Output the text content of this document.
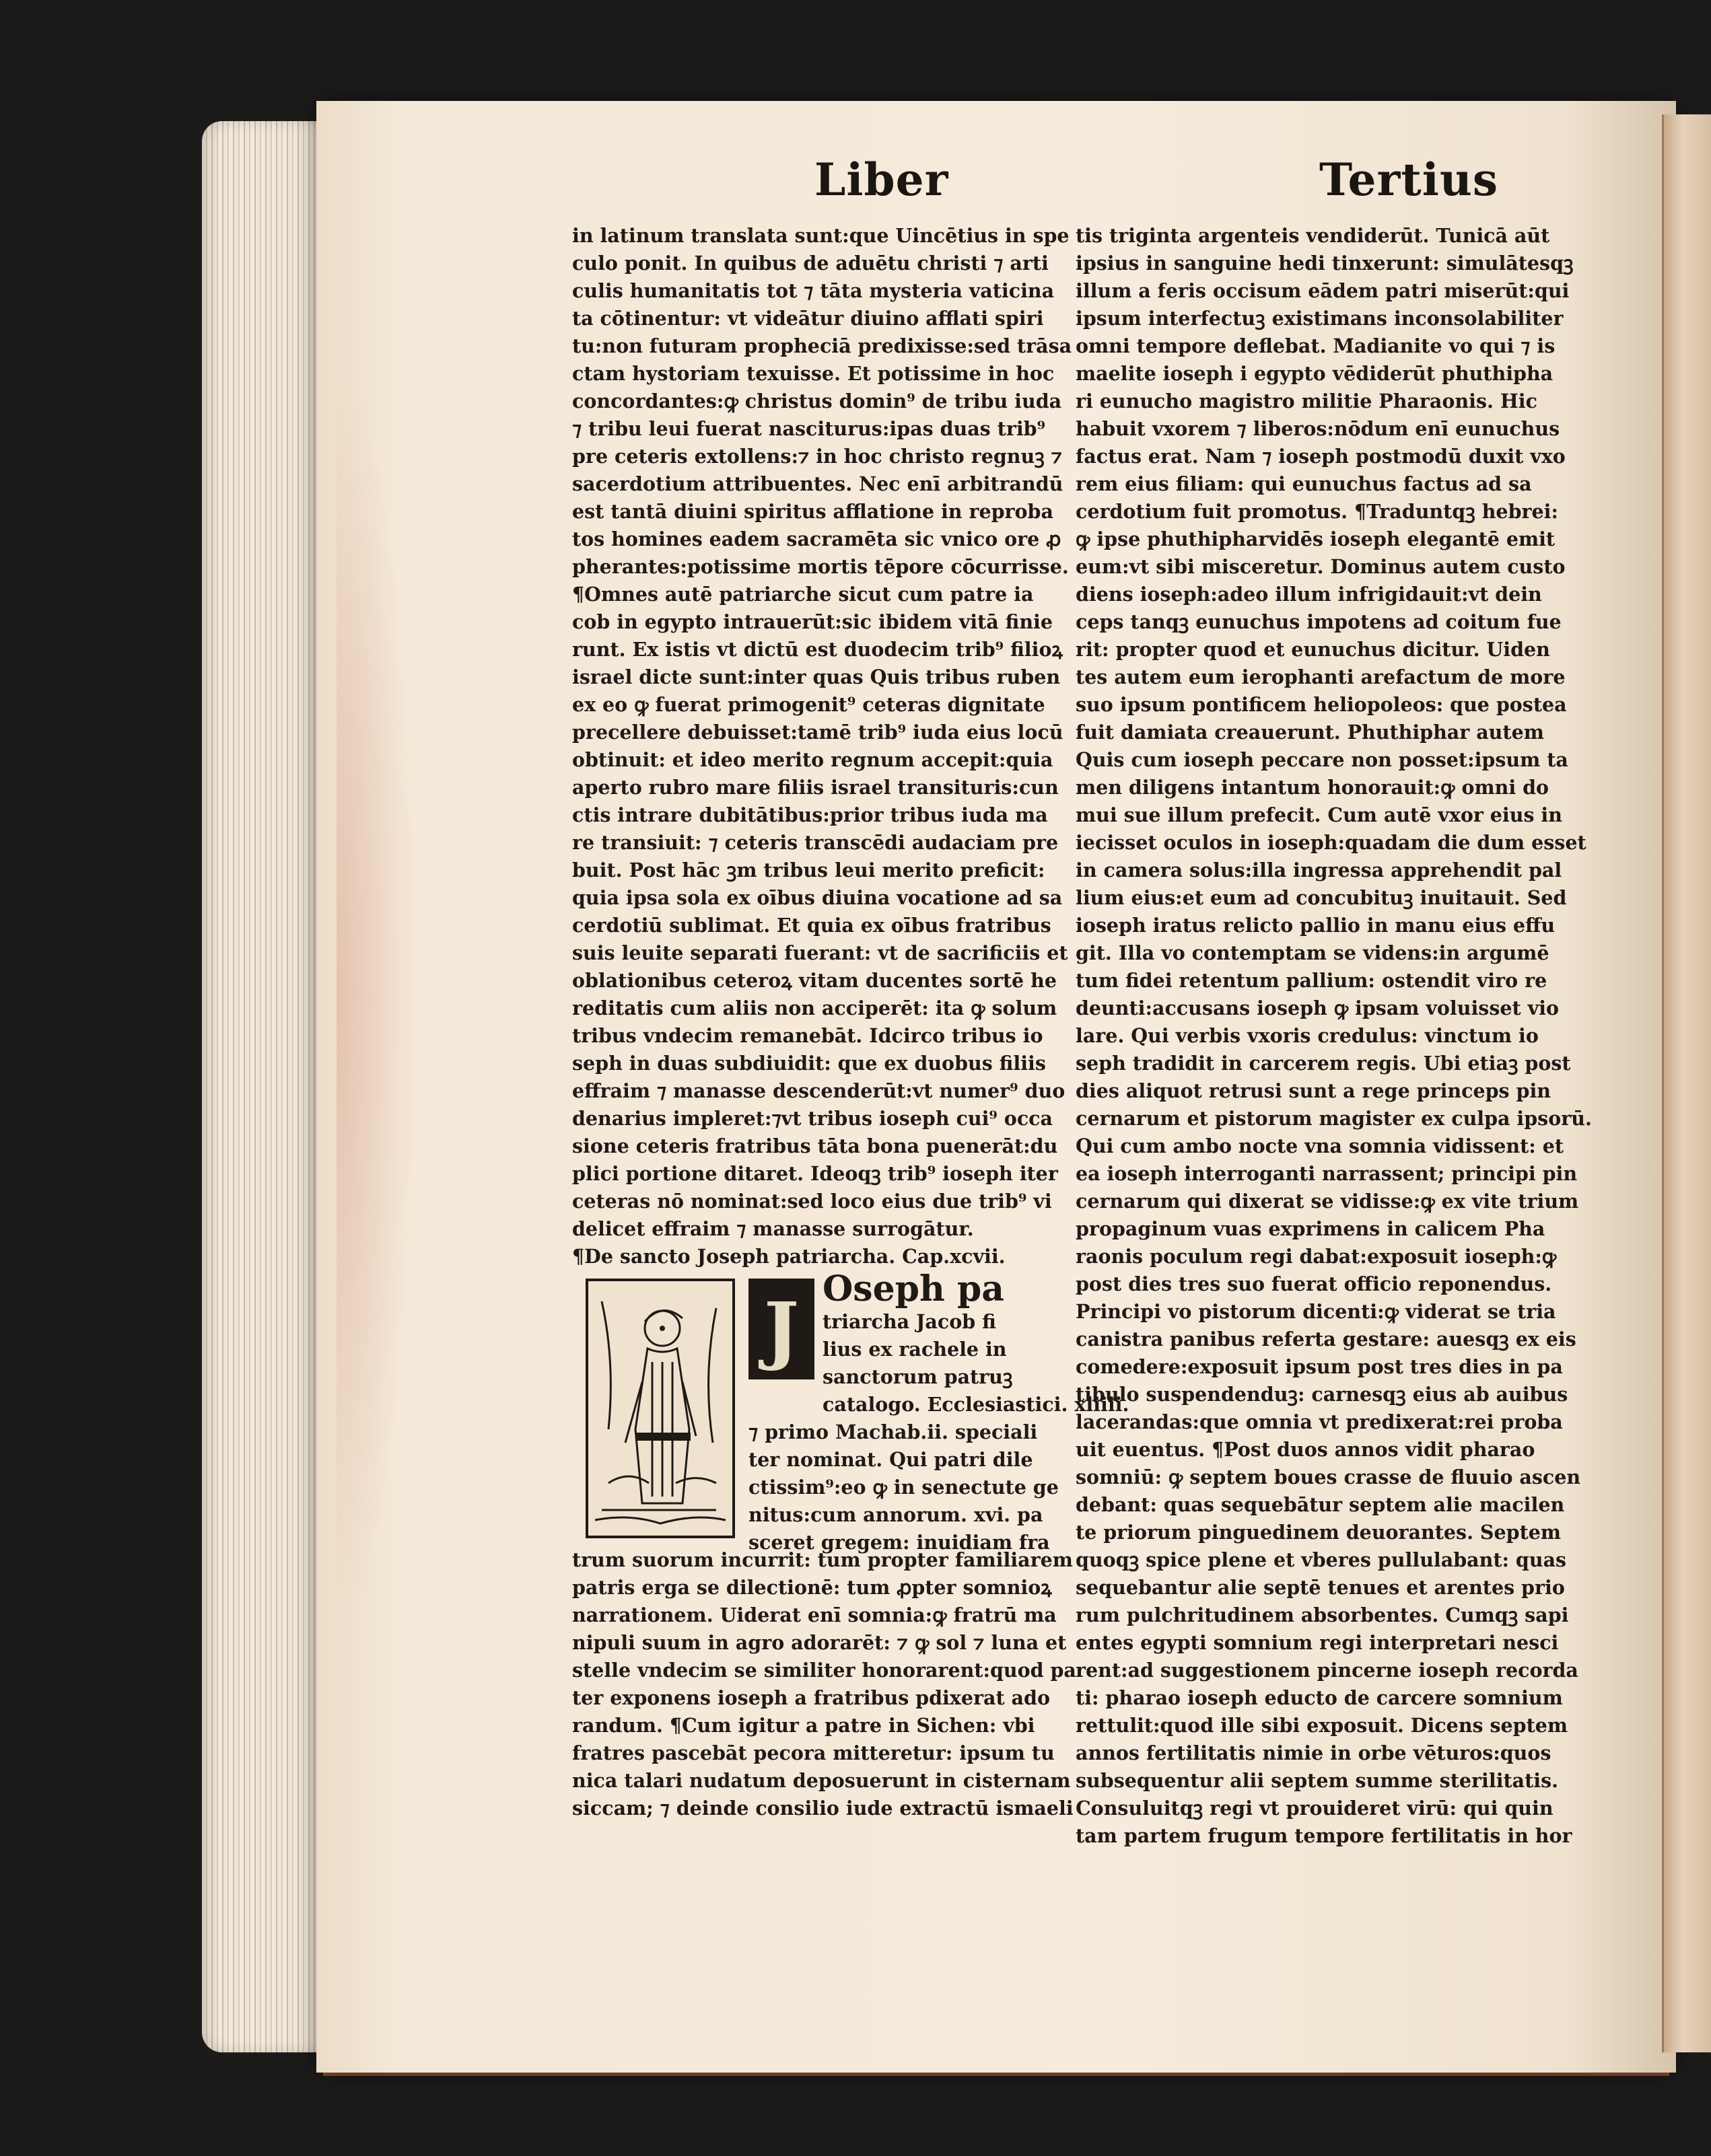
Liber	Tertius
in latinum translata sunt:que Uincētius in spe
culo ponit. In quibus de aduētu christi ⁊ arti
culis humanitatis tot ⁊ tāta mysteria vaticina
ta cōtinentur: vt videātur diuino afflati spiri
tu:non futuram propheciā predixisse:sed trāsa
ctam hystoriam texuisse. Et potissime in hoc
concordantes:ꝙ christus domin⁹ de tribu iuda
⁊ tribu leui fuerat nasciturus:ipas duas trib⁹
pre ceteris extollens:⁊ in hoc christo regnuꝫ ⁊
sacerdotium attribuentes. Nec enī arbitrandū
est tantā diuini spiritus afflatione in reproba
tos homines eadem sacramēta sic vnico ore ꝓ
pherantes:potissime mortis tēpore cōcurrisse.
¶Omnes autē patriarche sicut cum patre ia
cob in egypto intrauerūt:sic ibidem vitā finie
runt. Ex istis vt dictū est duodecim trib⁹ filioꝝ
israel dicte sunt:inter quas Quis tribus ruben
ex eo ꝙ fuerat primogenit⁹ ceteras dignitate
precellere debuisset:tamē trib⁹ iuda eius locū
obtinuit: et ideo merito regnum accepit:quia
aperto rubro mare filiis israel transituris:cun
ctis intrare dubitātibus:prior tribus iuda ma
re transiuit: ⁊ ceteris transcēdi audaciam pre
buit. Post hāc ꝫm tribus leui merito preficit:
quia ipsa sola ex oībus diuina vocatione ad sa
cerdotiū sublimat. Et quia ex oībus fratribus
suis leuite separati fuerant: vt de sacrificiis et
oblationibus ceteroꝝ vitam ducentes sortē he
reditatis cum aliis non acciperēt: ita ꝙ solum
tribus vndecim remanebāt. Idcirco tribus io
seph in duas subdiuidit: que ex duobus filiis
effraim ⁊ manasse descenderūt:vt numer⁹ duo
denarius impleret:⁊vt tribus ioseph cui⁹ occa
sione ceteris fratribus tāta bona puenerāt:du
plici portione ditaret. Ideoqꝫ trib⁹ ioseph iter
ceteras nō nominat:sed loco eius due trib⁹ vi
delicet effraim ⁊ manasse surrogātur.
¶De sancto Joseph patriarcha. Cap.xcvii.
J Oseph pa
triarcha Jacob fi
lius ex rachele in
sanctorum patruꝫ
catalogo. Ecclesiastici. xliiii.
⁊ primo Machab.ii. speciali
ter nominat. Qui patri dile
ctissim⁹:eo ꝙ in senectute ge
nitus:cum annorum. xvi. pa
sceret gregem: inuidiam fra
trum suorum incurrit: tum propter familiarem
patris erga se dilectionē: tum ꝓpter somnioꝝ
narrationem. Uiderat enī somnia:ꝙ fratrū ma
nipuli suum in agro adorarēt: ⁊ ꝙ sol ⁊ luna et
stelle vndecim se similiter honorarent:quod pa
ter exponens ioseph a fratribus pdixerat ado
randum. ¶Cum igitur a patre in Sichen: vbi
fratres pascebāt pecora mitteretur: ipsum tu
nica talari nudatum deposuerunt in cisternam
siccam; ⁊ deinde consilio iude extractū ismaeli
tis triginta argenteis vendiderūt. Tunicā aūt
ipsius in sanguine hedi tinxerunt: simulātesqꝫ
illum a feris occisum eādem patri miserūt:qui
ipsum interfectuꝫ existimans inconsolabiliter
omni tempore deflebat. Madianite vo qui ⁊ is
maelite ioseph i egypto vēdiderūt phuthipha
ri eunucho magistro militie Pharaonis. Hic
habuit vxorem ⁊ liberos:nōdum enī eunuchus
factus erat. Nam ⁊ ioseph postmodū duxit vxo
rem eius filiam: qui eunuchus factus ad sa
cerdotium fuit promotus. ¶Traduntqꝫ hebrei:
ꝙ ipse phuthipharvidēs ioseph elegantē emit
eum:vt sibi misceretur. Dominus autem custo
diens ioseph:adeo illum infrigidauit:vt dein
ceps tanqꝫ eunuchus impotens ad coitum fue
rit: propter quod et eunuchus dicitur. Uiden
tes autem eum ierophanti arefactum de more
suo ipsum pontificem heliopoleos: que postea
fuit damiata creauerunt. Phuthiphar autem
Quis cum ioseph peccare non posset:ipsum ta
men diligens intantum honorauit:ꝙ omni do
mui sue illum prefecit. Cum autē vxor eius in
iecisset oculos in ioseph:quadam die dum esset
in camera solus:illa ingressa apprehendit pal
lium eius:et eum ad concubituꝫ inuitauit. Sed
ioseph iratus relicto pallio in manu eius effu
git. Illa vo contemptam se videns:in argumē
tum fidei retentum pallium: ostendit viro re
deunti:accusans ioseph ꝙ ipsam voluisset vio
lare. Qui verbis vxoris credulus: vinctum io
seph tradidit in carcerem regis. Ubi etiaꝫ post
dies aliquot retrusi sunt a rege princeps pin
cernarum et pistorum magister ex culpa ipsorū.
Qui cum ambo nocte vna somnia vidissent: et
ea ioseph interroganti narrassent; principi pin
cernarum qui dixerat se vidisse:ꝙ ex vite trium
propaginum vuas exprimens in calicem Pha
raonis poculum regi dabat:exposuit ioseph:ꝙ
post dies tres suo fuerat officio reponendus.
Principi vo pistorum dicenti:ꝙ viderat se tria
canistra panibus referta gestare: auesqꝫ ex eis
comedere:exposuit ipsum post tres dies in pa
tibulo suspendenduꝫ: carnesqꝫ eius ab auibus
lacerandas:que omnia vt predixerat:rei proba
uit euentus. ¶Post duos annos vidit pharao
somniū: ꝙ septem boues crasse de fluuio ascen
debant: quas sequebātur septem alie macilen
te priorum pinguedinem deuorantes. Septem
quoqꝫ spice plene et vberes pullulabant: quas
sequebantur alie septē tenues et arentes prio
rum pulchritudinem absorbentes. Cumqꝫ sapi
entes egypti somnium regi interpretari nesci
rent:ad suggestionem pincerne ioseph recorda
ti: pharao ioseph educto de carcere somnium
rettulit:quod ille sibi exposuit. Dicens septem
annos fertilitatis nimie in orbe vēturos:quos
subsequentur alii septem summe sterilitatis.
Consuluitqꝫ regi vt prouideret virū: qui quin
tam partem frugum tempore fertilitatis in hor
